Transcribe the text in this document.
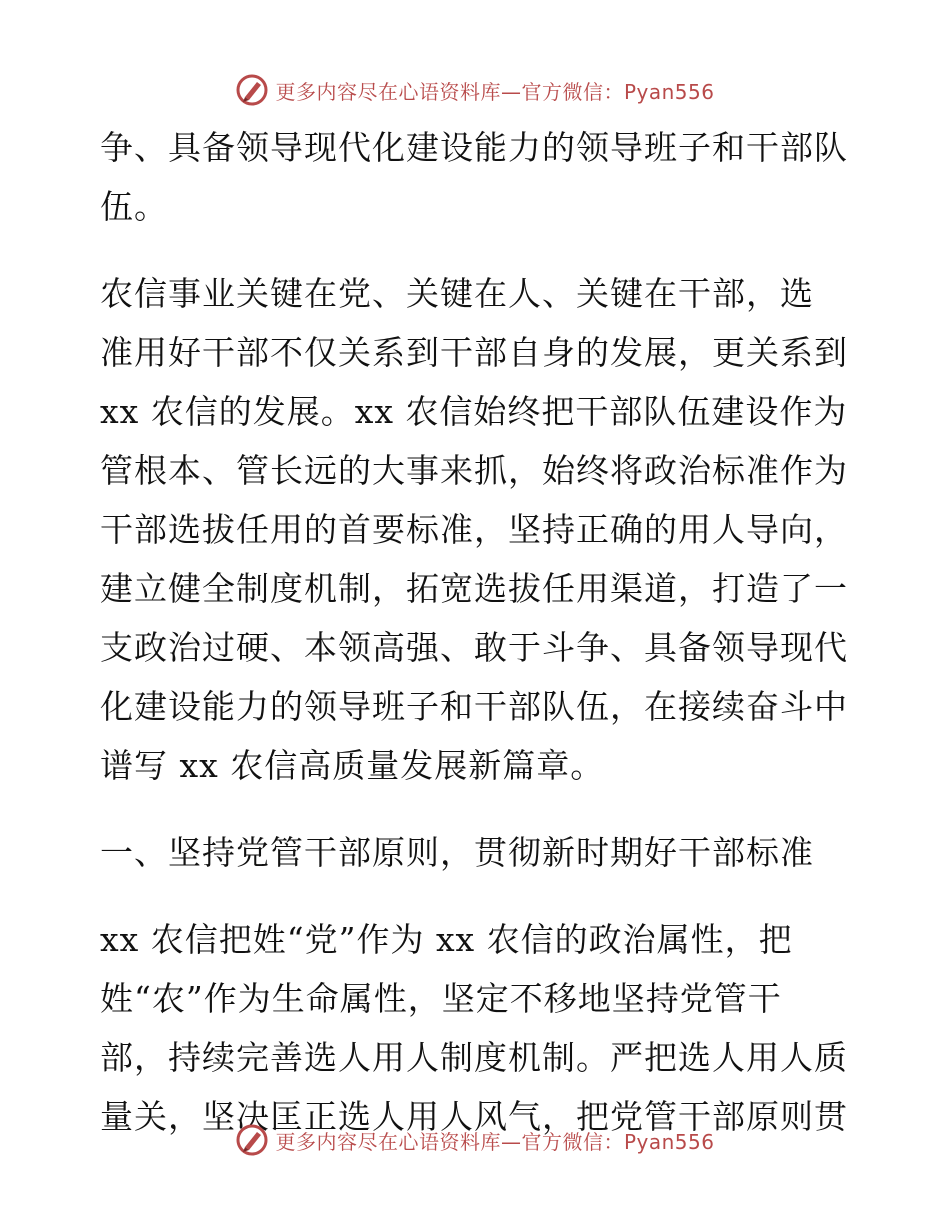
更多内容尽在心语资料库—官方微信：Pyan556
争、具备领导现代化建设能力的领导班子和干部队
伍。
农信事业关键在党、关键在人、关键在干部，选
准用好干部不仅关系到干部自身的发展，更关系到
xx 农信的发展。xx 农信始终把干部队伍建设作为
管根本、管长远的大事来抓，始终将政治标准作为
干部选拔任用的首要标准，坚持正确的用人导向，
建立健全制度机制，拓宽选拔任用渠道，打造了一
支政治过硬、本领高强、敢于斗争、具备领导现代
化建设能力的领导班子和干部队伍，在接续奋斗中
谱写 xx 农信高质量发展新篇章。
一、坚持党管干部原则，贯彻新时期好干部标准
xx 农信把姓“党”作为 xx 农信的政治属性，把
姓“农”作为生命属性，坚定不移地坚持党管干
部，持续完善选人用人制度机制。严把选人用人质
量关，坚决匡正选人用人风气，把党管干部原则贯
更多内容尽在心语资料库—官方微信：Pyan556
